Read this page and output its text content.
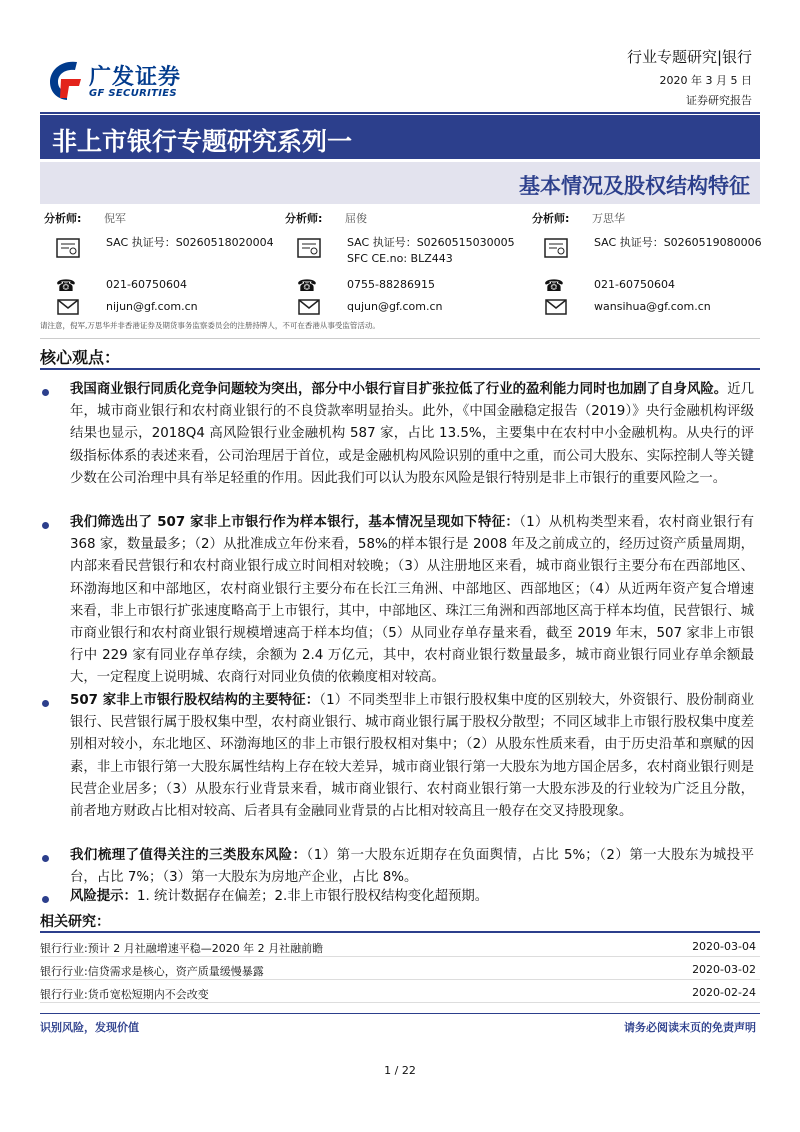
广发证券
GF SECURITIES
行业专题研究|银行
2020 年 3 月 5 日
证券研究报告
非上市银行专题研究系列一
基本情况及股权结构特征
分析师: 倪军
SAC 执证号：S0260518020004
☎	021-60750604
nijun@gf.com.cn
分析师: 屈俊
SAC 执证号：S0260515030005
SFC CE.no: BLZ443
☎	0755-88286915
qujun@gf.com.cn
分析师: 万思华
SAC 执证号：S0260519080006
☎	021-60750604
wansihua@gf.com.cn
请注意，倪军,万思华并非香港证券及期货事务监察委员会的注册持牌人，不可在香港从事受监管活动。
核心观点：
我国商业银行同质化竞争问题较为突出，部分中小银行盲目扩张拉低了行业的盈利能力同时也加剧了自身风险。近几年，城市商业银行和农村商业银行的不良贷款率明显抬头。此外，《中国金融稳定报告（2019）》央行金融机构评级结果也显示，2018Q4 高风险银行业金融机构 587 家，占比 13.5%，主要集中在农村中小金融机构。从央行的评级指标体系的表述来看，公司治理居于首位，或是金融机构风险识别的重中之重，而公司大股东、实际控制人等关键少数在公司治理中具有举足轻重的作用。因此我们可以认为股东风险是银行特别是非上市银行的重要风险之一。
我们筛选出了 507 家非上市银行作为样本银行，基本情况呈现如下特征：（1）从机构类型来看，农村商业银行有 368 家，数量最多；（2）从批准成立年份来看，58%的样本银行是 2008 年及之前成立的，经历过资产质量周期，内部来看民营银行和农村商业银行成立时间相对较晚；（3）从注册地区来看，城市商业银行主要分布在西部地区、环渤海地区和中部地区，农村商业银行主要分布在长江三角洲、中部地区、西部地区；（4）从近两年资产复合增速来看，非上市银行扩张速度略高于上市银行，其中，中部地区、珠江三角洲和西部地区高于样本均值，民营银行、城市商业银行和农村商业银行规模增速高于样本均值；（5）从同业存单存量来看，截至 2019 年末，507 家非上市银行中 229 家有同业存单存续，余额为 2.4 万亿元，其中，农村商业银行数量最多，城市商业银行同业存单余额最大，一定程度上说明城、农商行对同业负债的依赖度相对较高。
507 家非上市银行股权结构的主要特征：（1）不同类型非上市银行股权集中度的区别较大，外资银行、股份制商业银行、民营银行属于股权集中型，农村商业银行、城市商业银行属于股权分散型；不同区域非上市银行股权集中度差别相对较小，东北地区、环渤海地区的非上市银行股权相对集中；（2）从股东性质来看，由于历史沿革和禀赋的因素，非上市银行第一大股东属性结构上存在较大差异，城市商业银行第一大股东为地方国企居多，农村商业银行则是民营企业居多；（3）从股东行业背景来看，城市商业银行、农村商业银行第一大股东涉及的行业较为广泛且分散，前者地方财政占比相对较高、后者具有金融同业背景的占比相对较高且一般存在交叉持股现象。
我们梳理了值得关注的三类股东风险：（1）第一大股东近期存在负面舆情，占比 5%；（2）第一大股东为城投平台，占比 7%；（3）第一大股东为房地产企业，占比 8%。
风险提示：1. 统计数据存在偏差；2.非上市银行股权结构变化超预期。
相关研究：
银行行业:预计 2 月社融增速平稳—2020 年 2 月社融前瞻	2020-03-04
银行行业:信贷需求是核心，资产质量缓慢暴露	2020-03-02
银行行业:货币宽松短期内不会改变	2020-02-24
识别风险，发现价值	请务必阅读末页的免责声明
1 / 22
